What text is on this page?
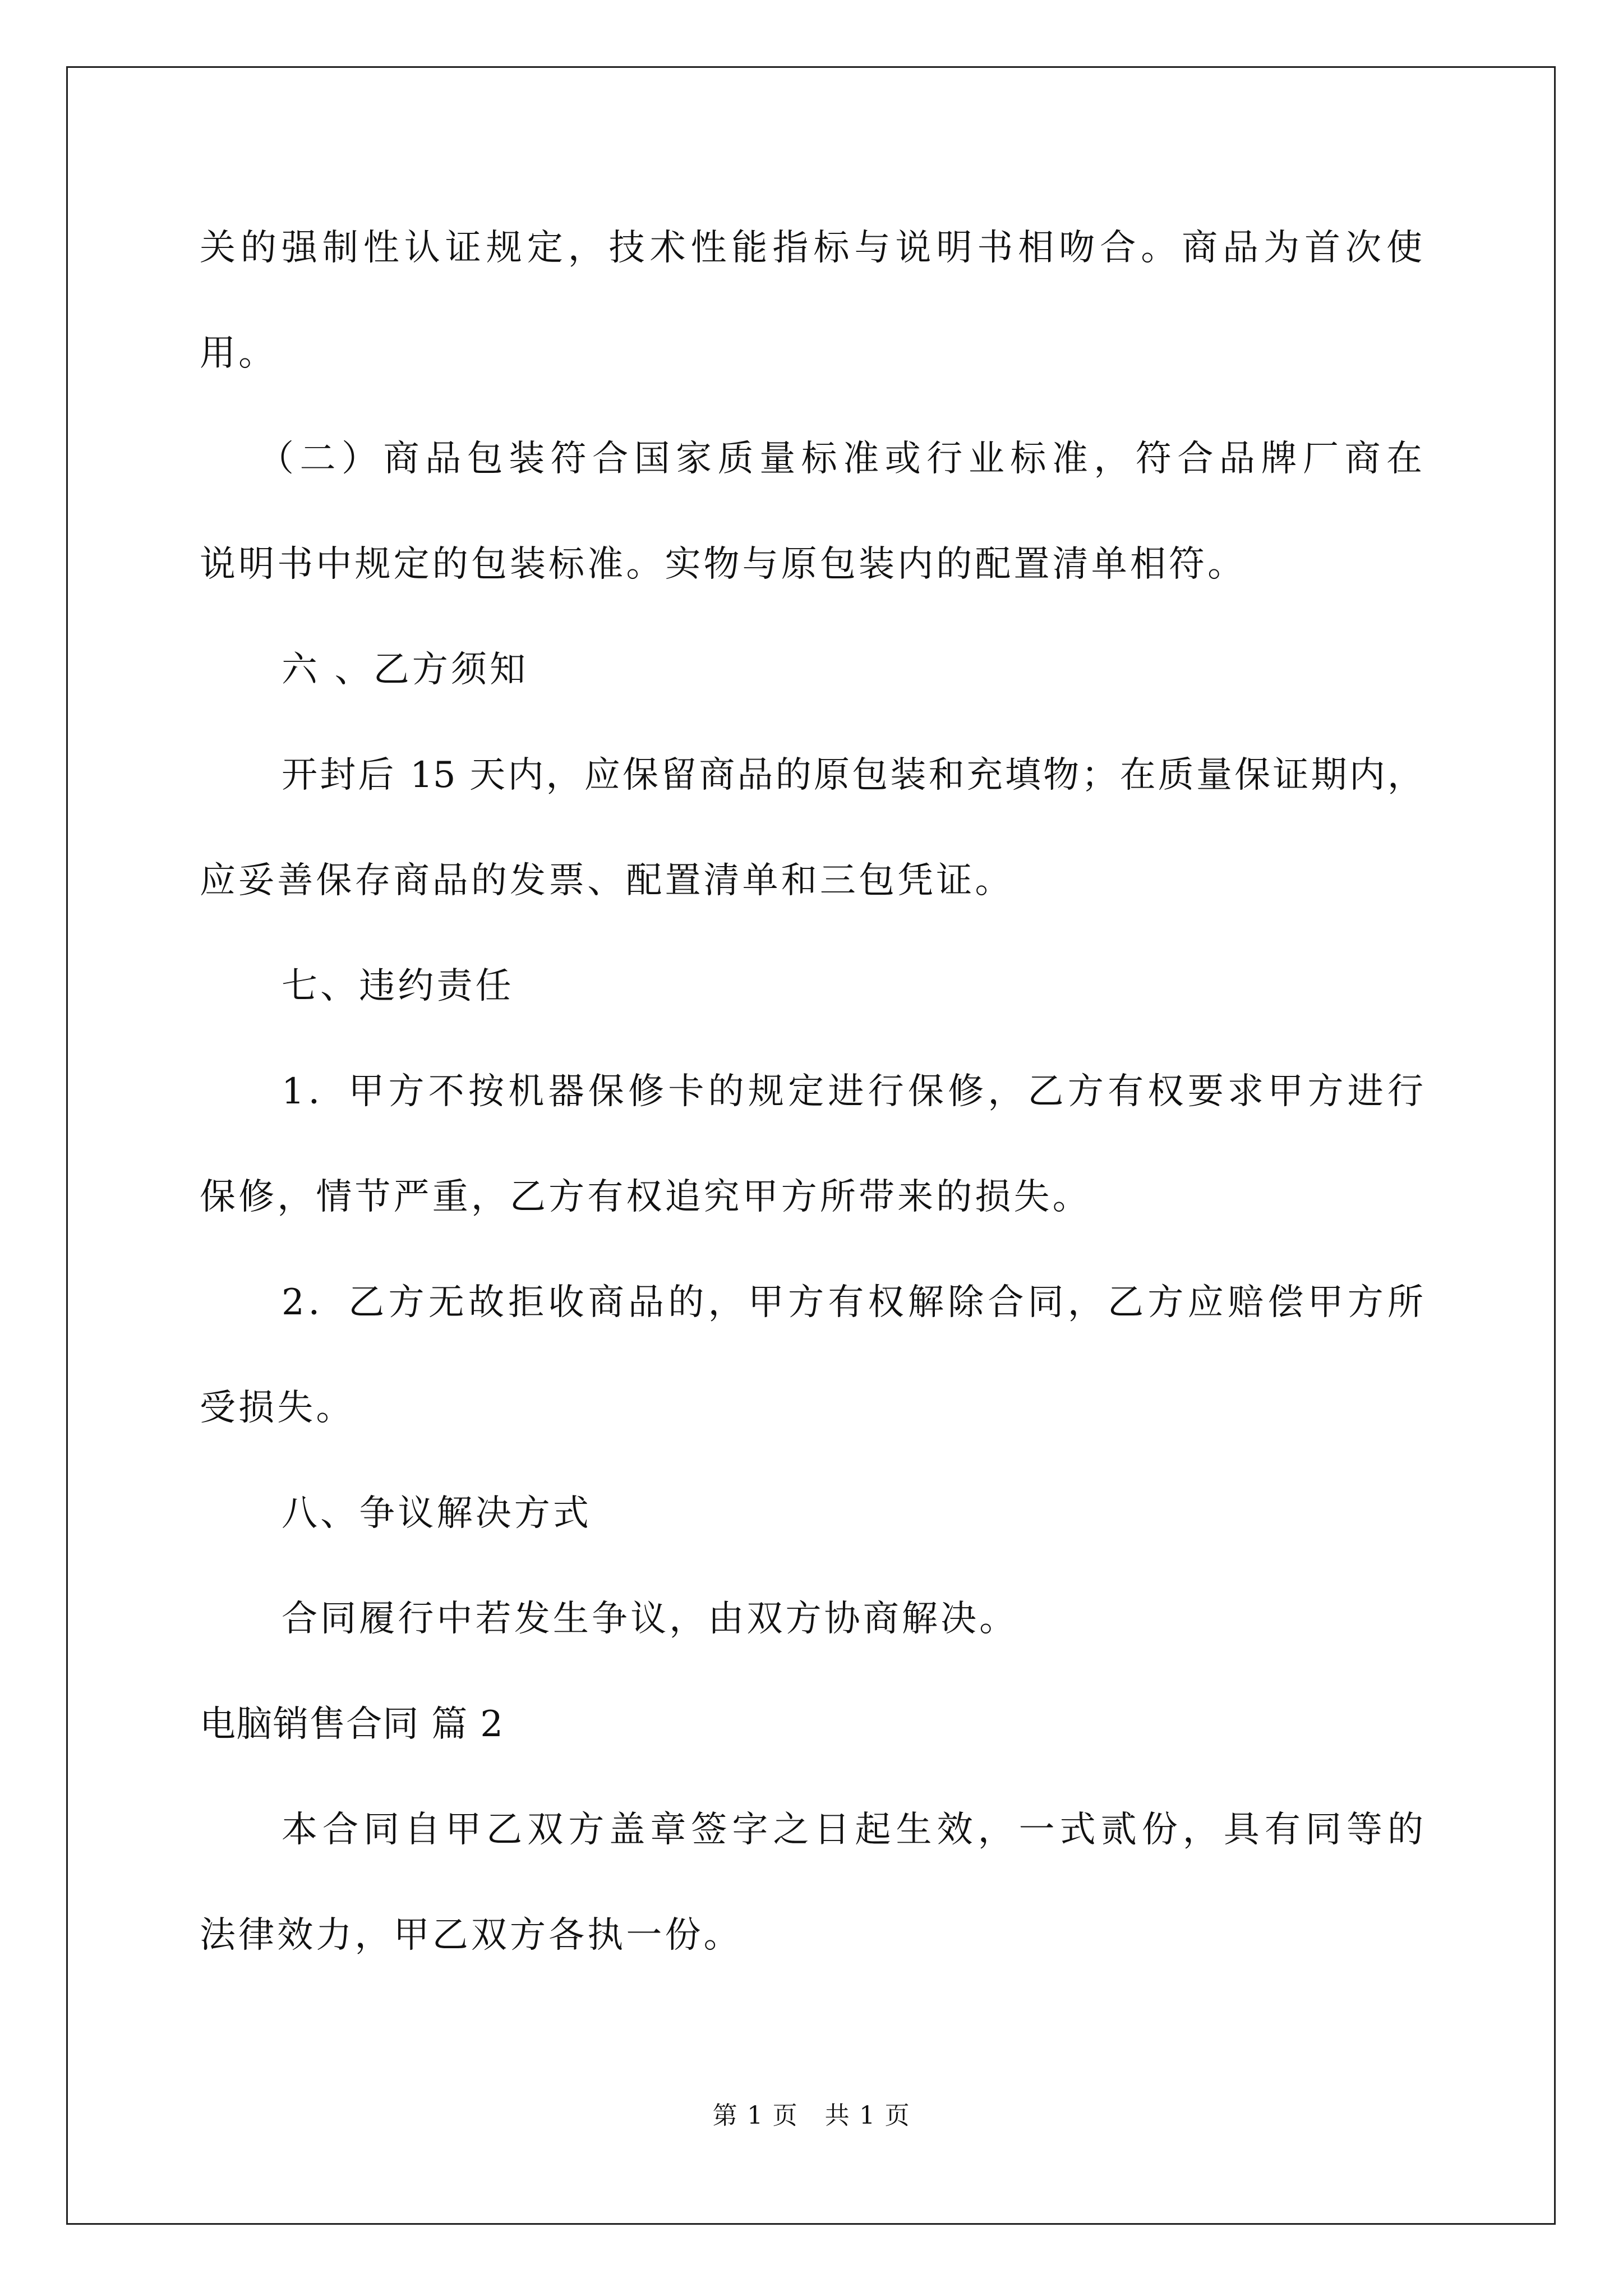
关的强制性认证规定，技术性能指标与说明书相吻合。商品为首次使
用。
（二）商品包装符合国家质量标准或行业标准，符合品牌厂商在
说明书中规定的包装标准。实物与原包装内的配置清单相符。
六 、乙方须知
开封后 15 天内，应保留商品的原包装和充填物；在质量保证期内，
应妥善保存商品的发票、配置清单和三包凭证。
七、违约责任
1．甲方不按机器保修卡的规定进行保修，乙方有权要求甲方进行
保修，情节严重，乙方有权追究甲方所带来的损失。
2．乙方无故拒收商品的，甲方有权解除合同，乙方应赔偿甲方所
受损失。
八、争议解决方式
合同履行中若发生争议，由双方协商解决。
电脑销售合同 篇 2
本合同自甲乙双方盖章签字之日起生效，一式贰份，具有同等的
法律效力，甲乙双方各执一份。
第 1 页   共 1 页
